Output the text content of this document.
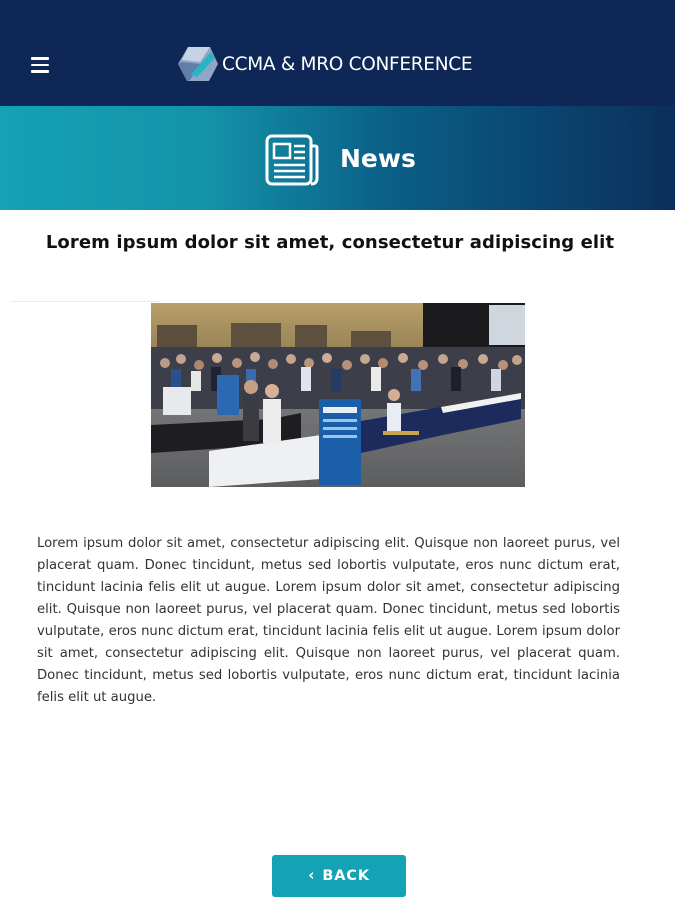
CCMA & MRO CONFERENCE
News
Lorem ipsum dolor sit amet, consectetur adipiscing elit

Lorem ipsum dolor sit amet, consectetur adipiscing elit. Quisque non laoreet purus, vel placerat quam. Donec tincidunt, metus sed lobortis vulputate, eros nunc dictum erat, tincidunt lacinia felis elit ut augue. Lorem ipsum dolor sit amet, consectetur adipiscing elit. Quisque non laoreet purus, vel placerat quam. Donec tincidunt, metus sed lobortis vulputate, eros nunc dictum erat, tincidunt lacinia felis elit ut augue. Lorem ipsum dolor sit amet, consectetur adipiscing elit. Quisque non laoreet purus, vel placerat quam. Donec tincidunt, metus sed lobortis vulputate, eros nunc dictum erat, tincidunt lacinia felis elit ut augue.

‹ BACK
